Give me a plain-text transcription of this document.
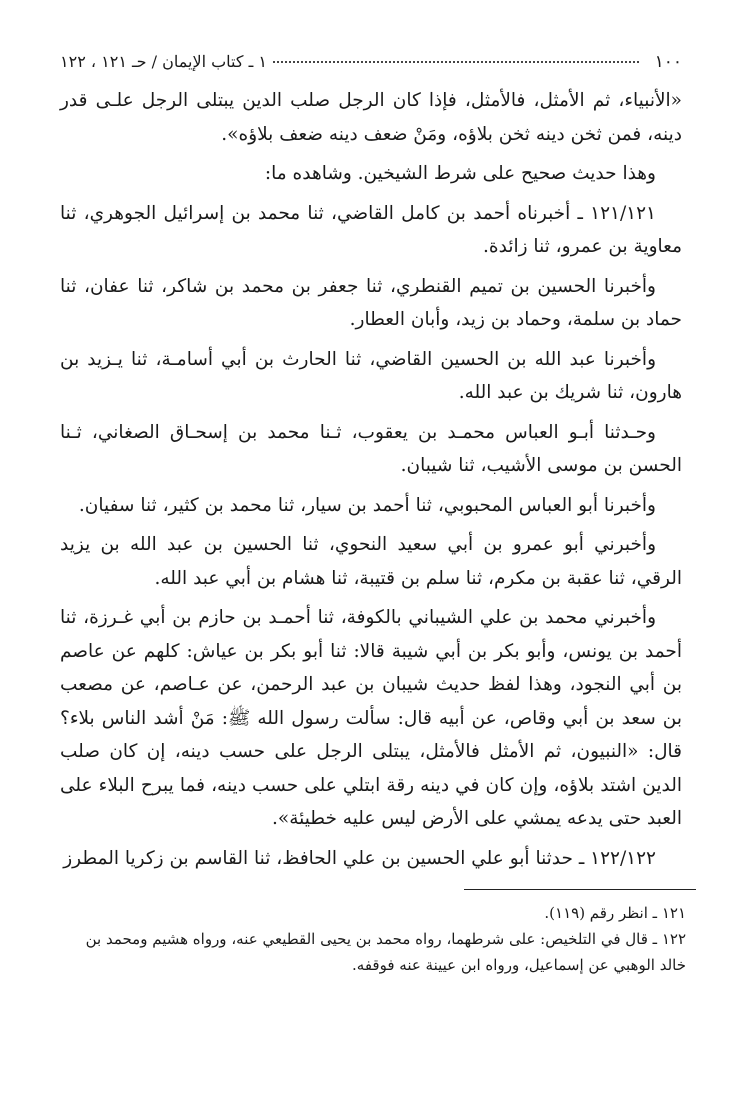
١٠٠
١ ـ كتاب الإيمان / حـ ١٢١ ، ١٢٢

«الأنبياء، ثم الأمثل، فالأمثل، فإذا كان الرجل صلب الدين يبتلى الرجل علـى قدر دينه، فمن ثخن دينه ثخن بلاؤه، ومَنْ ضعف دينه ضعف بلاؤه».

وهذا حديث صحيح على شرط الشيخين. وشاهده ما:

١٢١/١٢١ ـ أخبرناه أحمد بن كامل القاضي، ثنا محمد بن إسرائيل الجوهري، ثنا معاوية بن عمرو، ثنا زائدة.

وأخبرنا الحسين بن تميم القنطري، ثنا جعفر بن محمد بن شاكر، ثنا عفان، ثنا حماد بن سلمة، وحماد بن زيد، وأبان العطار.

وأخبرنا عبد الله بن الحسين القاضي، ثنا الحارث بن أبي أسامـة، ثنا يـزيد بن هارون، ثنا شريك بن عبد الله.

وحـدثنا أبـو العباس محمـد بن يعقوب، ثـنا محمد بن إسحـاق الصغاني، ثـنا الحسن بن موسى الأشيب، ثنا شيبان.

وأخبرنا أبو العباس المحبوبي، ثنا أحمد بن سيار، ثنا محمد بن كثير، ثنا سفيان.

وأخبرني أبو عمرو بن أبي سعيد النحوي، ثنا الحسين بن عبد الله بن يزيد الرقي، ثنا عقبة بن مكرم، ثنا سلم بن قتيبة، ثنا هشام بن أبي عبد الله.

وأخبرني محمد بن علي الشيباني بالكوفة، ثنا أحمـد بن حازم بن أبي غـرزة، ثنا أحمد بن يونس، وأبو بكر بن أبي شيبة قالا: ثنا أبو بكر بن عياش: كلهم عن عاصم بن أبي النجود، وهذا لفظ حديث شيبان بن عبد الرحمن، عن عـاصم، عن مصعب بن سعد بن أبي وقاص، عن أبيه قال: سألت رسول الله ﷺ: مَنْ أشد الناس بلاء؟ قال: «النبيون، ثم الأمثل فالأمثل، يبتلى الرجل على حسب دينه، إن كان صلب الدين اشتد بلاؤه، وإن كان في دينه رقة ابتلي على حسب دينه، فما يبرح البلاء على العبد حتى يدعه يمشي على الأرض ليس عليه خطيئة».

١٢٢/١٢٢ ـ حدثنا أبو علي الحسين بن علي الحافظ، ثنا القاسم بن زكريا المطرز

١٢١ ـ انظر رقم (١١٩).

١٢٢ ـ قال في التلخيص: على شرطهما، رواه محمد بن يحيى القطيعي عنه، ورواه هشيم ومحمد بن خالد الوهبي عن إسماعيل، ورواه ابن عيينة عنه فوقفه.
